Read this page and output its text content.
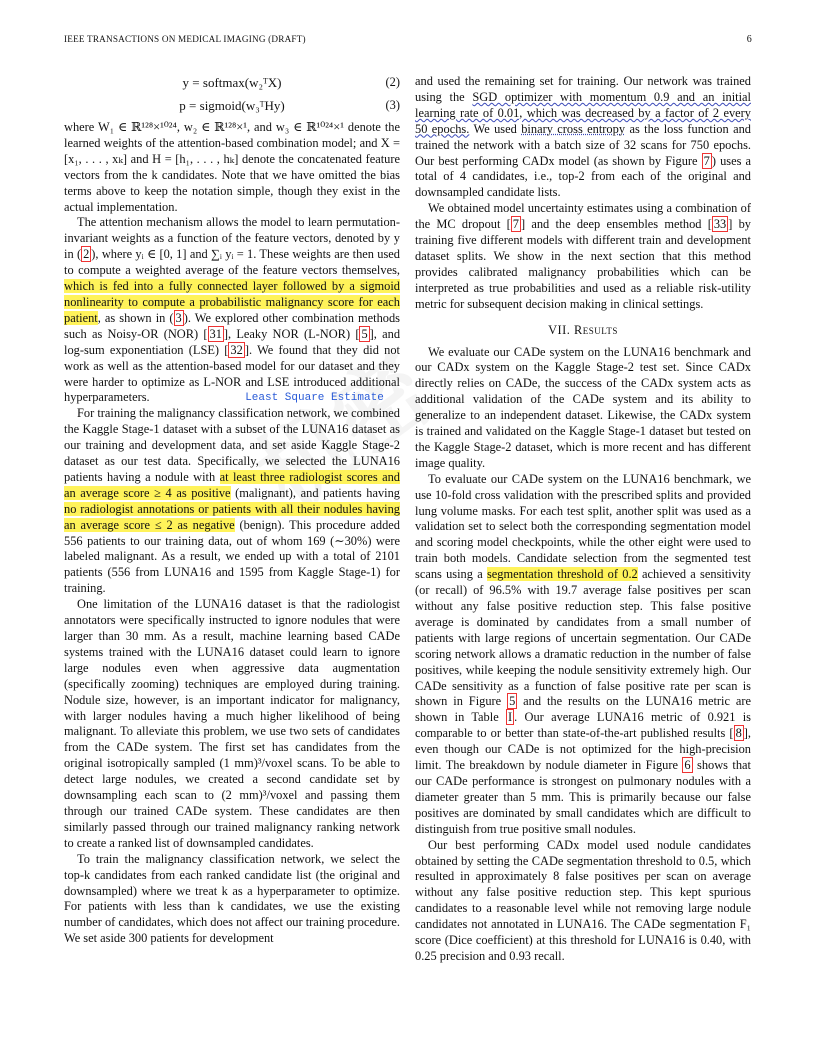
IEEE TRANSACTIONS ON MEDICAL IMAGING (DRAFT)	6
y = softmax(w₂ᵀX)	(2)
p = sigmoid(w₃ᵀHy)	(3)

where W₁ ∈ ℝ¹²⁸×¹⁰²⁴, w₂ ∈ ℝ¹²⁸×¹, and w₃ ∈ ℝ¹⁰²⁴×¹ denote the learned weights of the attention-based combination model; and X = [x₁, . . . , xₖ] and H = [h₁, . . . , hₖ] denote the concatenated feature vectors from the k candidates. Note that we have omitted the bias terms above to keep the notation simple, though they exist in the actual implementation.

The attention mechanism allows the model to learn permutation-invariant weights as a function of the feature vectors, denoted by y in ( 2 ), where yᵢ ∈ [0, 1] and ∑ᵢ yᵢ = 1. These weights are then used to compute a weighted average of the feature vectors themselves, which is fed into a fully connected layer followed by a sigmoid nonlinearity to compute a probabilistic malignancy score for each patient, as shown in ( 3 ). We explored other combination methods such as Noisy-OR (NOR) [ 31 ], Leaky NOR (L-NOR) [ 5 ], and log-sum exponentiation (LSE) [ 32 ]. We found that they did not work as well as the attention-based model for our dataset and they were harder to optimize as L-NOR and LSE introduced additional hyperparameters.	Least Square Estimate

For training the malignancy classification network, we combined the Kaggle Stage-1 dataset with a subset of the LUNA16 dataset as our training and development data, and set aside Kaggle Stage-2 dataset as our test data. Specifically, we selected the LUNA16 patients having a nodule with at least three radiologist scores and an average score ≥ 4 as positive (malignant), and patients having no radiologist annotations or patients with all their nodules having an average score ≤ 2 as negative (benign). This procedure added 556 patients to our training data, out of whom 169 (∼30%) were labeled malignant. As a result, we ended up with a total of 2101 patients (556 from LUNA16 and 1595 from Kaggle Stage-1) for training.

One limitation of the LUNA16 dataset is that the radiologist annotators were specifically instructed to ignore nodules that were larger than 30 mm. As a result, machine learning based CADe systems trained with the LUNA16 dataset could learn to ignore large nodules even when aggressive data augmentation (specifically zooming) techniques are employed during training. Nodule size, however, is an important indicator for malignancy, with larger nodules having a much higher likelihood of being malignant. To alleviate this problem, we use two sets of candidates from the CADe system. The first set has candidates from the original isotropically sampled (1 mm)³/voxel scans. To be able to detect large nodules, we created a second candidate set by downsampling each scan to (2 mm)³/voxel and passing them through our trained CADe system. These candidates are then similarly passed through our trained malignancy ranking network to create a ranked list of downsampled candidates.

To train the malignancy classification network, we select the top-k candidates from each ranked candidate list (the original and downsampled) where we treat k as a hyperparameter to optimize. For patients with less than k candidates, we use the existing number of candidates, which does not affect our training procedure. We set aside 300 patients for development

and used the remaining set for training. Our network was trained using the SGD optimizer with momentum 0.9 and an initial learning rate of 0.01, which was decreased by a factor of 2 every 50 epochs. We used binary cross entropy as the loss function and trained the network with a batch size of 32 scans for 750 epochs. Our best performing CADx model (as shown by Figure 7 ) uses a total of 4 candidates, i.e., top-2 from each of the original and downsampled candidate lists.

We obtained model uncertainty estimates using a combination of the MC dropout [ 7 ] and the deep ensembles method [ 33 ] by training five different models with different train and development dataset splits. We show in the next section that this method provides calibrated malignancy probabilities which can be interpreted as true probabilities and used as a reliable risk-utility metric for subsequent decision making in clinical settings.

VII. Results

We evaluate our CADe system on the LUNA16 benchmark and our CADx system on the Kaggle Stage-2 test set. Since CADx directly relies on CADe, the success of the CADx system acts as additional validation of the CADe system and its ability to generalize to an independent dataset. Likewise, the CADx system is trained and validated on the Kaggle Stage-1 dataset but tested on the Kaggle Stage-2 dataset, which is more recent and has different image quality.

To evaluate our CADe system on the LUNA16 benchmark, we use 10-fold cross validation with the prescribed splits and provided lung volume masks. For each test split, another split was used as a validation set to select both the corresponding segmentation model and scoring model checkpoints, while the other eight were used to train both models. Candidate selection from the segmented test scans using a segmentation threshold of 0.2 achieved a sensitivity (or recall) of 96.5% with 19.7 average false positives per scan without any false positive reduction step. This false positive average is dominated by candidates from a small number of patients with large regions of uncertain segmentation. Our CADe scoring network allows a dramatic reduction in the number of false positives, while keeping the nodule sensitivity extremely high. Our CADe sensitivity as a function of false positive rate per scan is shown in Figure 5 and the results on the LUNA16 metric are shown in Table I . Our average LUNA16 metric of 0.921 is comparable to or better than state-of-the-art published results [ 8 ], even though our CADe is not optimized for the high-precision limit. The breakdown by nodule diameter in Figure 6 shows that our CADe performance is strongest on pulmonary nodules with a diameter greater than 5 mm. This is primarily because our false positives are dominated by small candidates which are difficult to distinguish from true positive small nodules.

Our best performing CADx model used nodule candidates obtained by setting the CADe segmentation threshold to 0.5, which resulted in approximately 8 false positives per scan on average without any false positive reduction step. This kept spurious candidates to a reasonable level while not removing large nodule candidates not annotated in LUNA16. The CADe segmentation F₁ score (Dice coefficient) at this threshold for LUNA16 is 0.40, with 0.25 precision and 0.93 recall.
